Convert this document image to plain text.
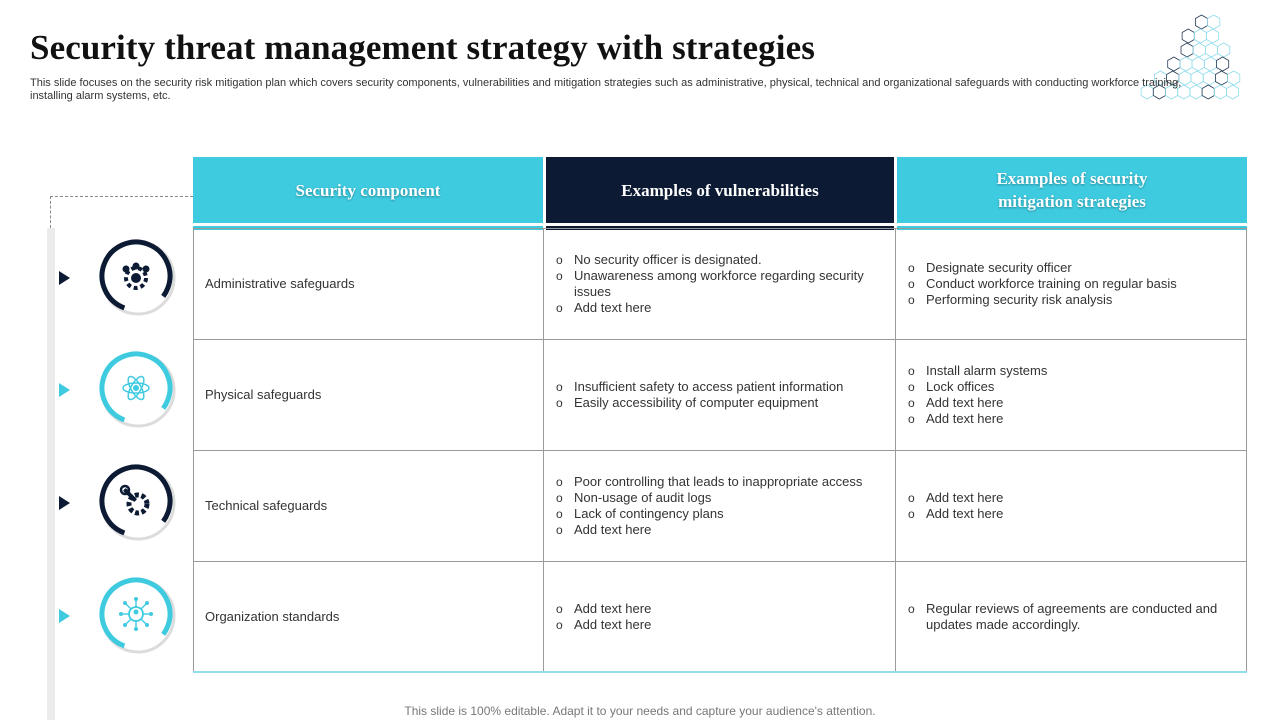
Security threat management strategy with strategies
This slide focuses on the security risk mitigation plan which covers security components, vulnerabilities and mitigation strategies such as administrative, physical, technical and organizational safeguards with conducting workforce training, installing alarm systems, etc.
Security component	Examples of vulnerabilities
Examples of security
mitigation strategies
Administrative safeguards
o No security officer is designated.
o Unawareness among workforce regarding security issues
o Add text here
o Designate security officer
o Conduct workforce training on regular basis
o Performing security risk analysis
Physical safeguards
o Insufficient safety to access patient information
o Easily accessibility of computer equipment
o Install alarm systems
o Lock offices
o Add text here
o Add text here
Technical safeguards
o Poor controlling that leads to inappropriate access
o Non-usage of audit logs
o Lack of contingency plans
o Add text here
o Add text here
o Add text here
Organization standards
o Add text here
o Add text here
o Regular reviews of agreements are conducted and updates made accordingly.
This slide is 100% editable. Adapt it to your needs and capture your audience's attention.
